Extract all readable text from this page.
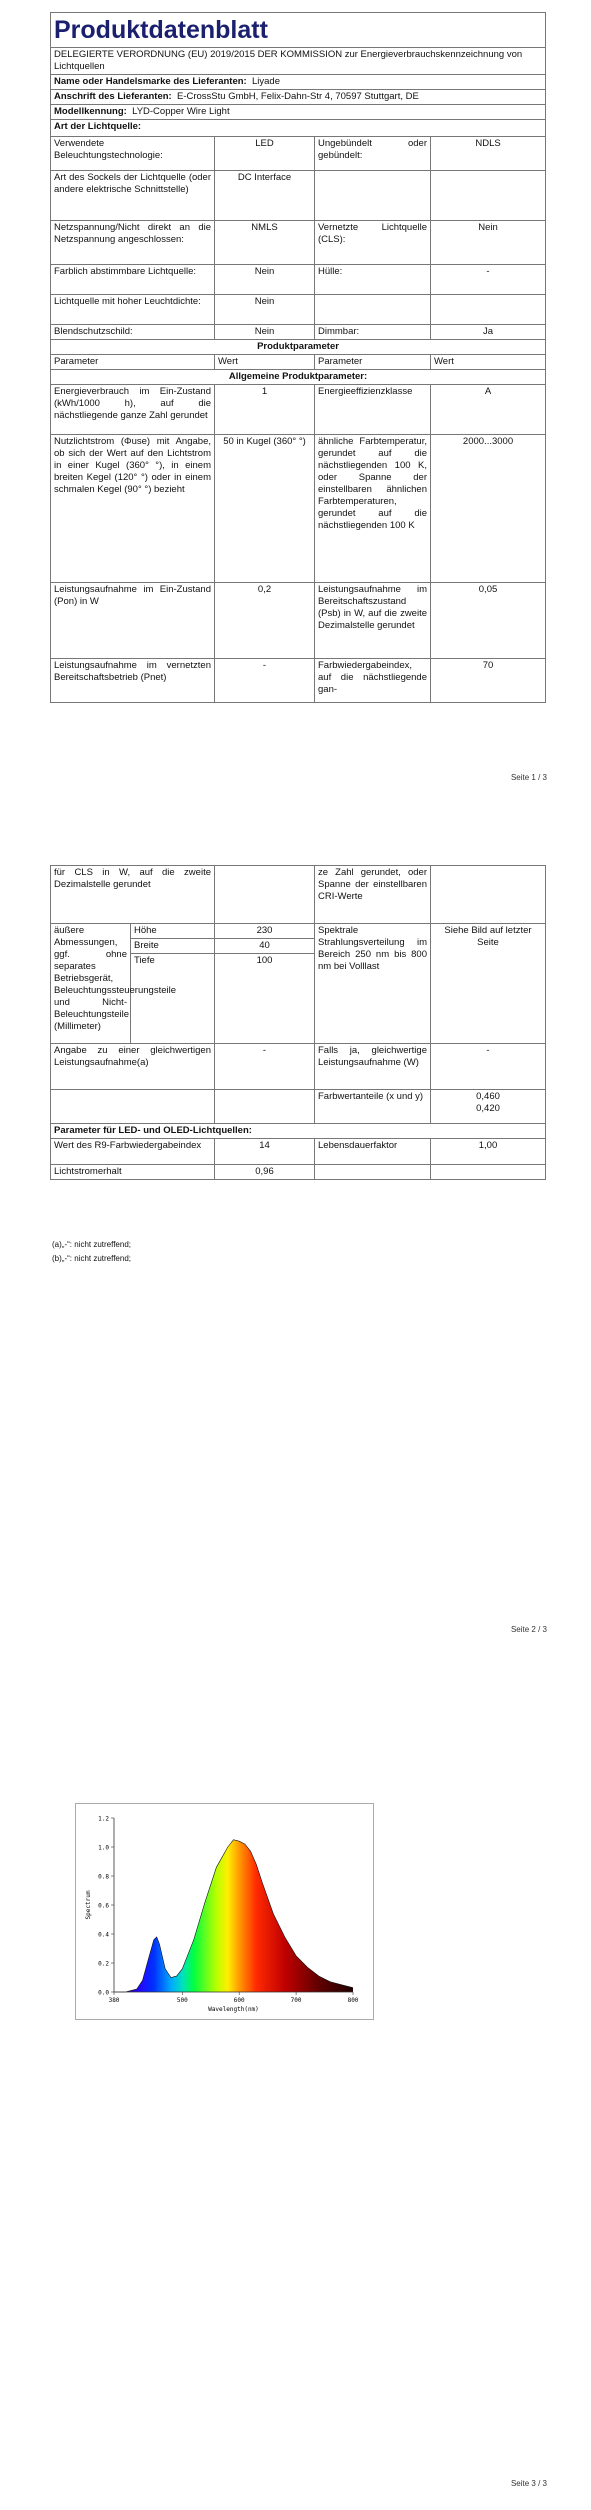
Produktdatenblatt			
DELEGIERTE VERORDNUNG (EU) 2019/2015 DER KOMMISSION zur Energieverbrauchskennzeichnung von Lichtquellen			
Name oder Handelsmarke des Lieferanten: Liyade			
Anschrift des Lieferanten: E-CrossStu GmbH, Felix-Dahn-Str 4, 70597 Stuttgart, DE			
Modellkennung: LYD-Copper Wire Light			
Art der Lichtquelle:			
Verwendete Beleuchtungstechnologie:	LED	Ungebündelt oder gebündelt:	NDLS
Art des Sockels der Lichtquelle (oder andere elektrische Schnittstelle)	DC Interface		
Netzspannung/Nicht direkt an die Netzspannung angeschlossen:	NMLS	Vernetzte Lichtquelle (CLS):	Nein
Farblich abstimmbare Lichtquelle:	Nein	Hülle:	-
Lichtquelle mit hoher Leuchtdichte:	Nein		
Blendschutzschild:	Nein	Dimmbar:	Ja
Produktparameter			
Parameter	Wert	Parameter	Wert
Allgemeine Produktparameter:			
Energieverbrauch im Ein-Zustand (kWh/1000 h), auf die nächstliegende ganze Zahl gerundet	1	Energieeffizienzklasse	A
Nutzlichtstrom (Φuse) mit Angabe, ob sich der Wert auf den Lichtstrom in einer Kugel (360° °), in einem breiten Kegel (120° °) oder in einem schmalen Kegel (90° °) bezieht	50 in Kugel (360° °)	ähnliche Farbtemperatur, gerundet auf die nächstliegenden 100 K, oder Spanne der einstellbaren ähnlichen Farbtemperaturen, gerundet auf die nächstliegenden 100 K	2000...3000
Leistungsaufnahme im Ein-Zustand (Pon) in W	0,2	Leistungsaufnahme im Bereitschaftszustand (Psb) in W, auf die zweite Dezimalstelle gerundet	0,05
Leistungsaufnahme im vernetzten Bereitschaftsbetrieb (Pnet)	-	Farbwiedergabeindex, auf die nächstliegende gan-	70
Seite 1 / 3
für CLS in W, auf die zweite Dezimalstelle gerundet			ze Zahl gerundet, oder Spanne der einstellbaren CRI-Werte	
äußere Abmessungen, ggf. ohne separates Betriebsgerät, Beleuchtungssteuerungsteile und Nicht-Beleuchtungsteile (Millimeter)	Höhe	230	Spektrale Strahlungsverteilung im Bereich 250 nm bis 800 nm bei Volllast	Siehe Bild auf letzter Seite
	Breite	40		
	Tiefe	100		
Angabe zu einer gleichwertigen Leistungsaufnahme(a)		-	Falls ja, gleichwertige Leistungsaufnahme (W)	-
			Farbwertanteile (x und y)	0,460
0,420
Parameter für LED- und OLED-Lichtquellen:				
Wert des R9-Farbwiedergabeindex		14	Lebensdauerfaktor	1,00
Lichtstromerhalt		0,96		
(a)„-“: nicht zutreffend;
(b)„-“: nicht zutreffend;
Seite 2 / 3
0.0
0.2
0.4
0.6
0.8
1.0
1.2
380	500	600	700	800
Wavelength(nm)
Spectrum
Seite 3 / 3
